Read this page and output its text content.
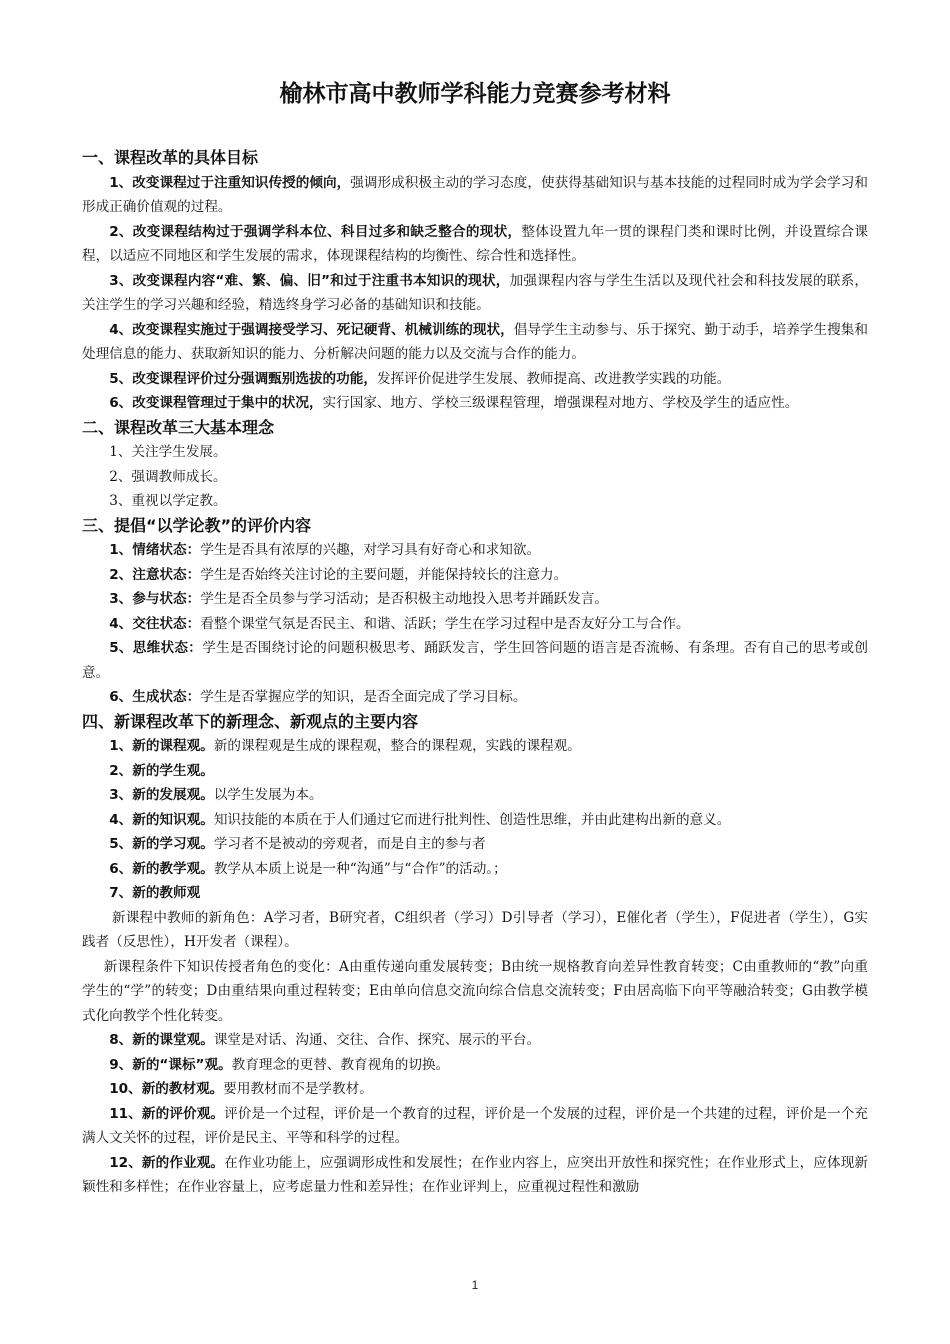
榆林市高中教师学科能力竞赛参考材料
一、课程改革的具体目标

1、改变课程过于注重知识传授的倾向，强调形成积极主动的学习态度，使获得基础知识与基本技能的过程同时成为学会学习和形成正确价值观的过程。

2、改变课程结构过于强调学科本位、科目过多和缺乏整合的现状，整体设置九年一贯的课程门类和课时比例，并设置综合课程，以适应不同地区和学生发展的需求，体现课程结构的均衡性、综合性和选择性。

3、改变课程内容“难、繁、偏、旧”和过于注重书本知识的现状，加强课程内容与学生生活以及现代社会和科技发展的联系，关注学生的学习兴趣和经验，精选终身学习必备的基础知识和技能。

4、改变课程实施过于强调接受学习、死记硬背、机械训练的现状，倡导学生主动参与、乐于探究、勤于动手，培养学生搜集和处理信息的能力、获取新知识的能力、分析解决问题的能力以及交流与合作的能力。

5、改变课程评价过分强调甄别选拔的功能，发挥评价促进学生发展、教师提高、改进教学实践的功能。

6、改变课程管理过于集中的状况，实行国家、地方、学校三级课程管理，增强课程对地方、学校及学生的适应性。

二、课程改革三大基本理念

1、关注学生发展。

2、强调教师成长。

3、重视以学定教。

三、提倡“以学论教”的评价内容

1、情绪状态：学生是否具有浓厚的兴趣，对学习具有好奇心和求知欲。

2、注意状态：学生是否始终关注讨论的主要问题，并能保持较长的注意力。

3、参与状态：学生是否全员参与学习活动；是否积极主动地投入思考并踊跃发言。

4、交往状态：看整个课堂气氛是否民主、和谐、活跃；学生在学习过程中是否友好分工与合作。

5、思维状态：学生是否围绕讨论的问题积极思考、踊跃发言，学生回答问题的语言是否流畅、有条理。否有自己的思考或创意。

6、生成状态：学生是否掌握应学的知识，是否全面完成了学习目标。

四、新课程改革下的新理念、新观点的主要内容

1、新的课程观。新的课程观是生成的课程观，整合的课程观，实践的课程观。

2、新的学生观。

3、新的发展观。以学生发展为本。

4、新的知识观。知识技能的本质在于人们通过它而进行批判性、创造性思维，并由此建构出新的意义。

5、新的学习观。学习者不是被动的旁观者，而是自主的参与者

6、新的教学观。教学从本质上说是一种“沟通”与“合作”的活动。；

7、新的教师观

新课程中教师的新角色：A学习者，B研究者，C组织者（学习）D引导者（学习），E催化者（学生），F促进者（学生），G实践者（反思性），H开发者（课程）。

新课程条件下知识传授者角色的变化：A由重传递向重发展转变；B由统一规格教育向差异性教育转变；C由重教师的“教”向重学生的“学”的转变；D由重结果向重过程转变；E由单向信息交流向综合信息交流转变；F由居高临下向平等融洽转变；G由教学模式化向教学个性化转变。

8、新的课堂观。课堂是对话、沟通、交往、合作、探究、展示的平台。

9、新的“课标”观。教育理念的更替、教育视角的切换。

10、新的教材观。要用教材而不是学教材。

11、新的评价观。评价是一个过程，评价是一个教育的过程，评价是一个发展的过程，评价是一个共建的过程，评价是一个充满人文关怀的过程，评价是民主、平等和科学的过程。

12、新的作业观。在作业功能上，应强调形成性和发展性；在作业内容上，应突出开放性和探究性；在作业形式上，应体现新颖性和多样性；在作业容量上，应考虑量力性和差异性；在作业评判上，应重视过程性和激励

1
